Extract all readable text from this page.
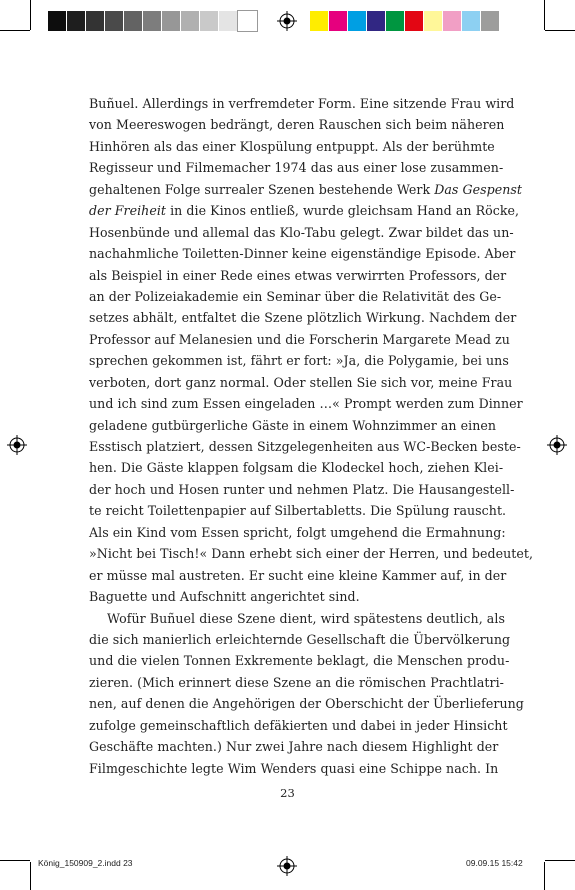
Buñuel. Allerdings in verfremdeter Form. Eine sitzende Frau wird
von Meereswogen bedrängt, deren Rauschen sich beim näheren
Hinhören als das einer Klospülung entpuppt. Als der berühmte
Regisseur und Filmemacher 1974 das aus einer lose zusammen-
gehaltenen Folge surrealer Szenen bestehende Werk Das Gespenst
der Freiheit in die Kinos entließ, wurde gleichsam Hand an Röcke,
Hosenbünde und allemal das Klo-Tabu gelegt. Zwar bildet das un-
nachahmliche Toiletten-Dinner keine eigenständige Episode. Aber
als Beispiel in einer Rede eines etwas verwirrten Professors, der
an der Polizeiakademie ein Seminar über die Relativität des Ge-
setzes abhält, entfaltet die Szene plötzlich Wirkung. Nachdem der
Professor auf Melanesien und die Forscherin Margarete Mead zu
sprechen gekommen ist, fährt er fort: »Ja, die Polygamie, bei uns
verboten, dort ganz normal. Oder stellen Sie sich vor, meine Frau
und ich sind zum Essen eingeladen …« Prompt werden zum Dinner
geladene gutbürgerliche Gäste in einem Wohnzimmer an einen
Esstisch platziert, dessen Sitzgelegenheiten aus WC-Becken beste-
hen. Die Gäste klappen folgsam die Klodeckel hoch, ziehen Klei-
der hoch und Hosen runter und nehmen Platz. Die Hausangestell-
te reicht Toilettenpapier auf Silbertabletts. Die Spülung rauscht.
Als ein Kind vom Essen spricht, folgt umgehend die Ermahnung:
»Nicht bei Tisch!« Dann erhebt sich einer der Herren, und bedeutet,
er müsse mal austreten. Er sucht eine kleine Kammer auf, in der
Baguette und Aufschnitt angerichtet sind.
Wofür Buñuel diese Szene dient, wird spätestens deutlich, als
die sich manierlich erleichternde Gesellschaft die Übervölkerung
und die vielen Tonnen Exkremente beklagt, die Menschen produ-
zieren. (Mich erinnert diese Szene an die römischen Prachtlatri-
nen, auf denen die Angehörigen der Oberschicht der Überlieferung
zufolge gemeinschaftlich defäkierten und dabei in jeder Hinsicht
Geschäfte machten.) Nur zwei Jahre nach diesem Highlight der
Filmgeschichte legte Wim Wenders quasi eine Schippe nach. In
23
König_150909_2.indd 23	09.09.15 15:42
